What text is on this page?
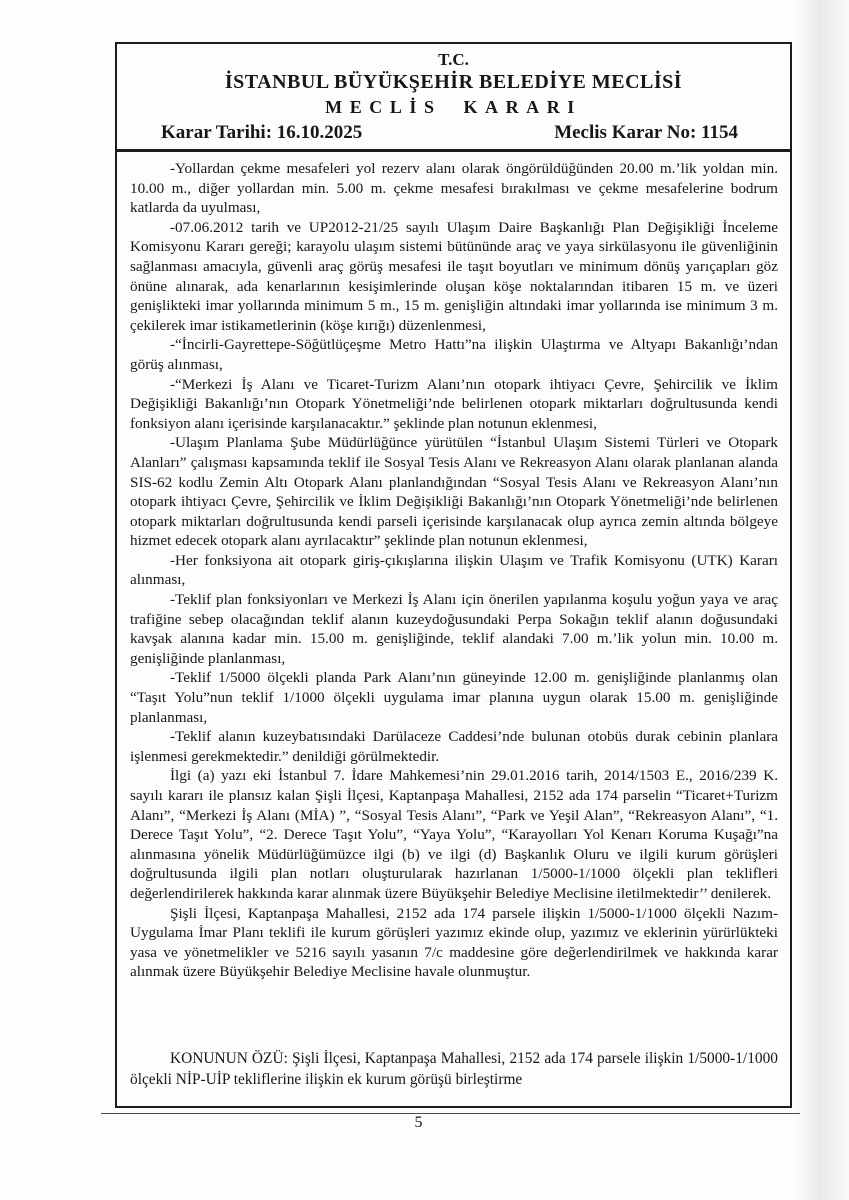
T.C.
İSTANBUL BÜYÜKŞEHİR BELEDİYE MECLİSİ
MECLİS KARARI
Karar Tarihi: 16.10.2025	Meclis Karar No: 1154

-Yollardan çekme mesafeleri yol rezerv alanı olarak öngörüldüğünden 20.00 m.’lik yoldan min. 10.00 m., diğer yollardan min. 5.00 m. çekme mesafesi bırakılması ve çekme mesafelerine bodrum katlarda da uyulması,

-07.06.2012 tarih ve UP2012-21/25 sayılı Ulaşım Daire Başkanlığı Plan Değişikliği İnceleme Komisyonu Kararı gereği; karayolu ulaşım sistemi bütününde araç ve yaya sirkülasyonu ile güvenliğinin sağlanması amacıyla, güvenli araç görüş mesafesi ile taşıt boyutları ve minimum dönüş yarıçapları göz önüne alınarak, ada kenarlarının kesişimlerinde oluşan köşe noktalarından itibaren 15 m. ve üzeri genişlikteki imar yollarında minimum 5 m., 15 m. genişliğin altındaki imar yollarında ise minimum 3 m. çekilerek imar istikametlerinin (köşe kırığı) düzenlenmesi,

-“İncirli-Gayrettepe-Söğütlüçeşme Metro Hattı”na ilişkin Ulaştırma ve Altyapı Bakanlığı’ndan görüş alınması,

-“Merkezi İş Alanı ve Ticaret-Turizm Alanı’nın otopark ihtiyacı Çevre, Şehircilik ve İklim Değişikliği Bakanlığı’nın Otopark Yönetmeliği’nde belirlenen otopark miktarları doğrultusunda kendi fonksiyon alanı içerisinde karşılanacaktır.” şeklinde plan notunun eklenmesi,

-Ulaşım Planlama Şube Müdürlüğünce yürütülen “İstanbul Ulaşım Sistemi Türleri ve Otopark Alanları” çalışması kapsamında teklif ile Sosyal Tesis Alanı ve Rekreasyon Alanı olarak planlanan alanda SIS-62 kodlu Zemin Altı Otopark Alanı planlandığından “Sosyal Tesis Alanı ve Rekreasyon Alanı’nın otopark ihtiyacı Çevre, Şehircilik ve İklim Değişikliği Bakanlığı’nın Otopark Yönetmeliği’nde belirlenen otopark miktarları doğrultusunda kendi parseli içerisinde karşılanacak olup ayrıca zemin altında bölgeye hizmet edecek otopark alanı ayrılacaktır” şeklinde plan notunun eklenmesi,

-Her fonksiyona ait otopark giriş-çıkışlarına ilişkin Ulaşım ve Trafik Komisyonu (UTK) Kararı alınması,

-Teklif plan fonksiyonları ve Merkezi İş Alanı için önerilen yapılanma koşulu yoğun yaya ve araç trafiğine sebep olacağından teklif alanın kuzeydoğusundaki Perpa Sokağın teklif alanın doğusundaki kavşak alanına kadar min. 15.00 m. genişliğinde, teklif alandaki 7.00 m.’lik yolun min. 10.00 m. genişliğinde planlanması,

-Teklif 1/5000 ölçekli planda Park Alanı’nın güneyinde 12.00 m. genişliğinde planlanmış olan “Taşıt Yolu”nun teklif 1/1000 ölçekli uygulama imar planına uygun olarak 15.00 m. genişliğinde planlanması,

-Teklif alanın kuzeybatısındaki Darülaceze Caddesi’nde bulunan otobüs durak cebinin planlara işlenmesi gerekmektedir.” denildiği görülmektedir.

İlgi (a) yazı eki İstanbul 7. İdare Mahkemesi’nin 29.01.2016 tarih, 2014/1503 E., 2016/239 K. sayılı kararı ile plansız kalan Şişli İlçesi, Kaptanpaşa Mahallesi, 2152 ada 174 parselin “Ticaret+Turizm Alanı”, “Merkezi İş Alanı (MİA) ”, “Sosyal Tesis Alanı”, “Park ve Yeşil Alan”, “Rekreasyon Alanı”, “1. Derece Taşıt Yolu”, “2. Derece Taşıt Yolu”, “Yaya Yolu”, “Karayolları Yol Kenarı Koruma Kuşağı”na alınmasına yönelik Müdürlüğümüzce ilgi (b) ve ilgi (d) Başkanlık Oluru ve ilgili kurum görüşleri doğrultusunda ilgili plan notları oluşturularak hazırlanan 1/5000-1/1000 ölçekli plan teklifleri değerlendirilerek hakkında karar alınmak üzere Büyükşehir Belediye Meclisine iletilmektedir’’ denilerek.

Şişli İlçesi, Kaptanpaşa Mahallesi, 2152 ada 174 parsele ilişkin 1/5000-1/1000 ölçekli Nazım-Uygulama İmar Planı teklifi ile kurum görüşleri yazımız ekinde olup, yazımız ve eklerinin yürürlükteki yasa ve yönetmelikler ve 5216 sayılı yasanın 7/c maddesine göre değerlendirilmek ve hakkında karar alınmak üzere Büyükşehir Belediye Meclisine havale olunmuştur.

KONUNUN ÖZÜ: Şişli İlçesi, Kaptanpaşa Mahallesi, 2152 ada 174 parsele ilişkin 1/5000-1/1000 ölçekli NİP-UİP tekliflerine ilişkin ek kurum görüşü birleştirme
5
